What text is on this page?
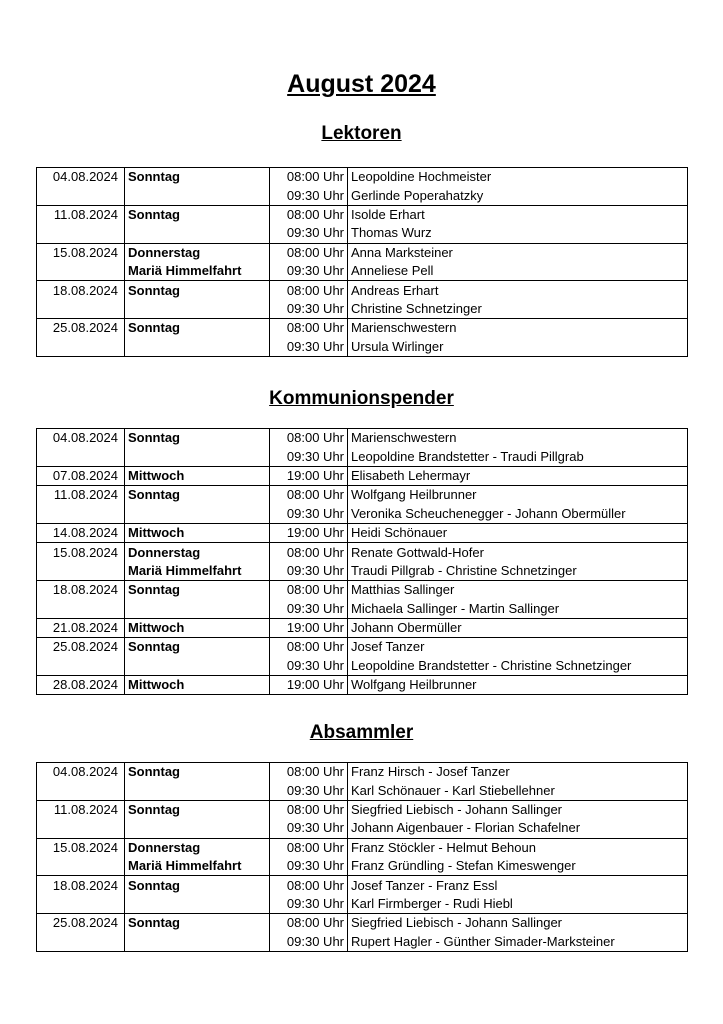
August 2024
Lektoren
04.08.2024	Sonntag	08:00 Uhr	Leopoldine Hochmeister
		09:30 Uhr	Gerlinde Poperahatzky
11.08.2024	Sonntag	08:00 Uhr	Isolde Erhart
		09:30 Uhr	Thomas Wurz
15.08.2024	Donnerstag	08:00 Uhr	Anna Marksteiner
	Mariä Himmelfahrt	09:30 Uhr	Anneliese Pell
18.08.2024	Sonntag	08:00 Uhr	Andreas Erhart
		09:30 Uhr	Christine Schnetzinger
25.08.2024	Sonntag	08:00 Uhr	Marienschwestern
		09:30 Uhr	Ursula Wirlinger
Kommunionspender
04.08.2024	Sonntag	08:00 Uhr	Marienschwestern
		09:30 Uhr	Leopoldine Brandstetter - Traudi Pillgrab
07.08.2024	Mittwoch	19:00 Uhr	Elisabeth Lehermayr
11.08.2024	Sonntag	08:00 Uhr	Wolfgang Heilbrunner
		09:30 Uhr	Veronika Scheuchenegger - Johann Obermüller
14.08.2024	Mittwoch	19:00 Uhr	Heidi Schönauer
15.08.2024	Donnerstag	08:00 Uhr	Renate Gottwald-Hofer
	Mariä Himmelfahrt	09:30 Uhr	Traudi Pillgrab - Christine Schnetzinger
18.08.2024	Sonntag	08:00 Uhr	Matthias Sallinger
		09:30 Uhr	Michaela Sallinger - Martin Sallinger
21.08.2024	Mittwoch	19:00 Uhr	Johann Obermüller
25.08.2024	Sonntag	08:00 Uhr	Josef Tanzer
		09:30 Uhr	Leopoldine Brandstetter - Christine Schnetzinger
28.08.2024	Mittwoch	19:00 Uhr	Wolfgang Heilbrunner
Absammler
04.08.2024	Sonntag	08:00 Uhr	Franz Hirsch - Josef Tanzer
		09:30 Uhr	Karl Schönauer - Karl Stiebellehner
11.08.2024	Sonntag	08:00 Uhr	Siegfried Liebisch - Johann Sallinger
		09:30 Uhr	Johann Aigenbauer - Florian Schafelner
15.08.2024	Donnerstag	08:00 Uhr	Franz Stöckler - Helmut Behoun
	Mariä Himmelfahrt	09:30 Uhr	Franz Gründling - Stefan Kimeswenger
18.08.2024	Sonntag	08:00 Uhr	Josef Tanzer - Franz Essl
		09:30 Uhr	Karl Firmberger - Rudi Hiebl
25.08.2024	Sonntag	08:00 Uhr	Siegfried Liebisch - Johann Sallinger
		09:30 Uhr	Rupert Hagler - Günther Simader-Marksteiner
